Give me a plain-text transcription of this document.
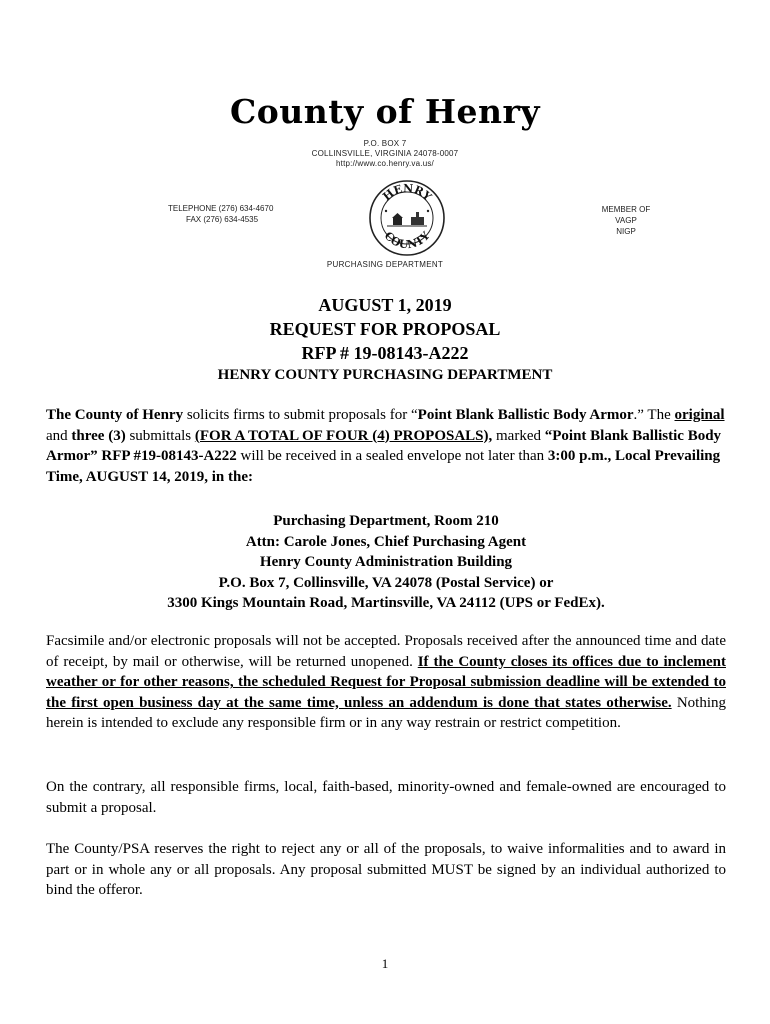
County of Henry
P.O. BOX 7
COLLINSVILLE, VIRGINIA 24078-0007
http://www.co.henry.va.us/
TELEPHONE (276) 634-4670
FAX (276) 634-4535
MEMBER OF
VAGP
NIGP
HENRY
COUNTY
PURCHASING DEPARTMENT
AUGUST 1, 2019
REQUEST FOR PROPOSAL
RFP # 19-08143-A222
HENRY COUNTY PURCHASING DEPARTMENT
The County of Henry solicits firms to submit proposals for “Point Blank Ballistic Body Armor.” The original and three (3) submittals (FOR A TOTAL OF FOUR (4) PROPOSALS), marked “Point Blank Ballistic Body Armor” RFP #19-08143-A222 will be received in a sealed envelope not later than 3:00 p.m., Local Prevailing Time, AUGUST 14, 2019, in the:
Purchasing Department, Room 210
Attn: Carole Jones, Chief Purchasing Agent
Henry County Administration Building
P.O. Box 7, Collinsville, VA 24078 (Postal Service) or
3300 Kings Mountain Road, Martinsville, VA 24112 (UPS or FedEx).
Facsimile and/or electronic proposals will not be accepted. Proposals received after the announced time and date of receipt, by mail or otherwise, will be returned unopened. If the County closes its offices due to inclement weather or for other reasons, the scheduled Request for Proposal submission deadline will be extended to the first open business day at the same time, unless an addendum is done that states otherwise. Nothing herein is intended to exclude any responsible firm or in any way restrain or restrict competition.
On the contrary, all responsible firms, local, faith-based, minority-owned and female-owned are encouraged to submit a proposal.
The County/PSA reserves the right to reject any or all of the proposals, to waive informalities and to award in part or in whole any or all proposals. Any proposal submitted MUST be signed by an individual authorized to bind the offeror.
1
